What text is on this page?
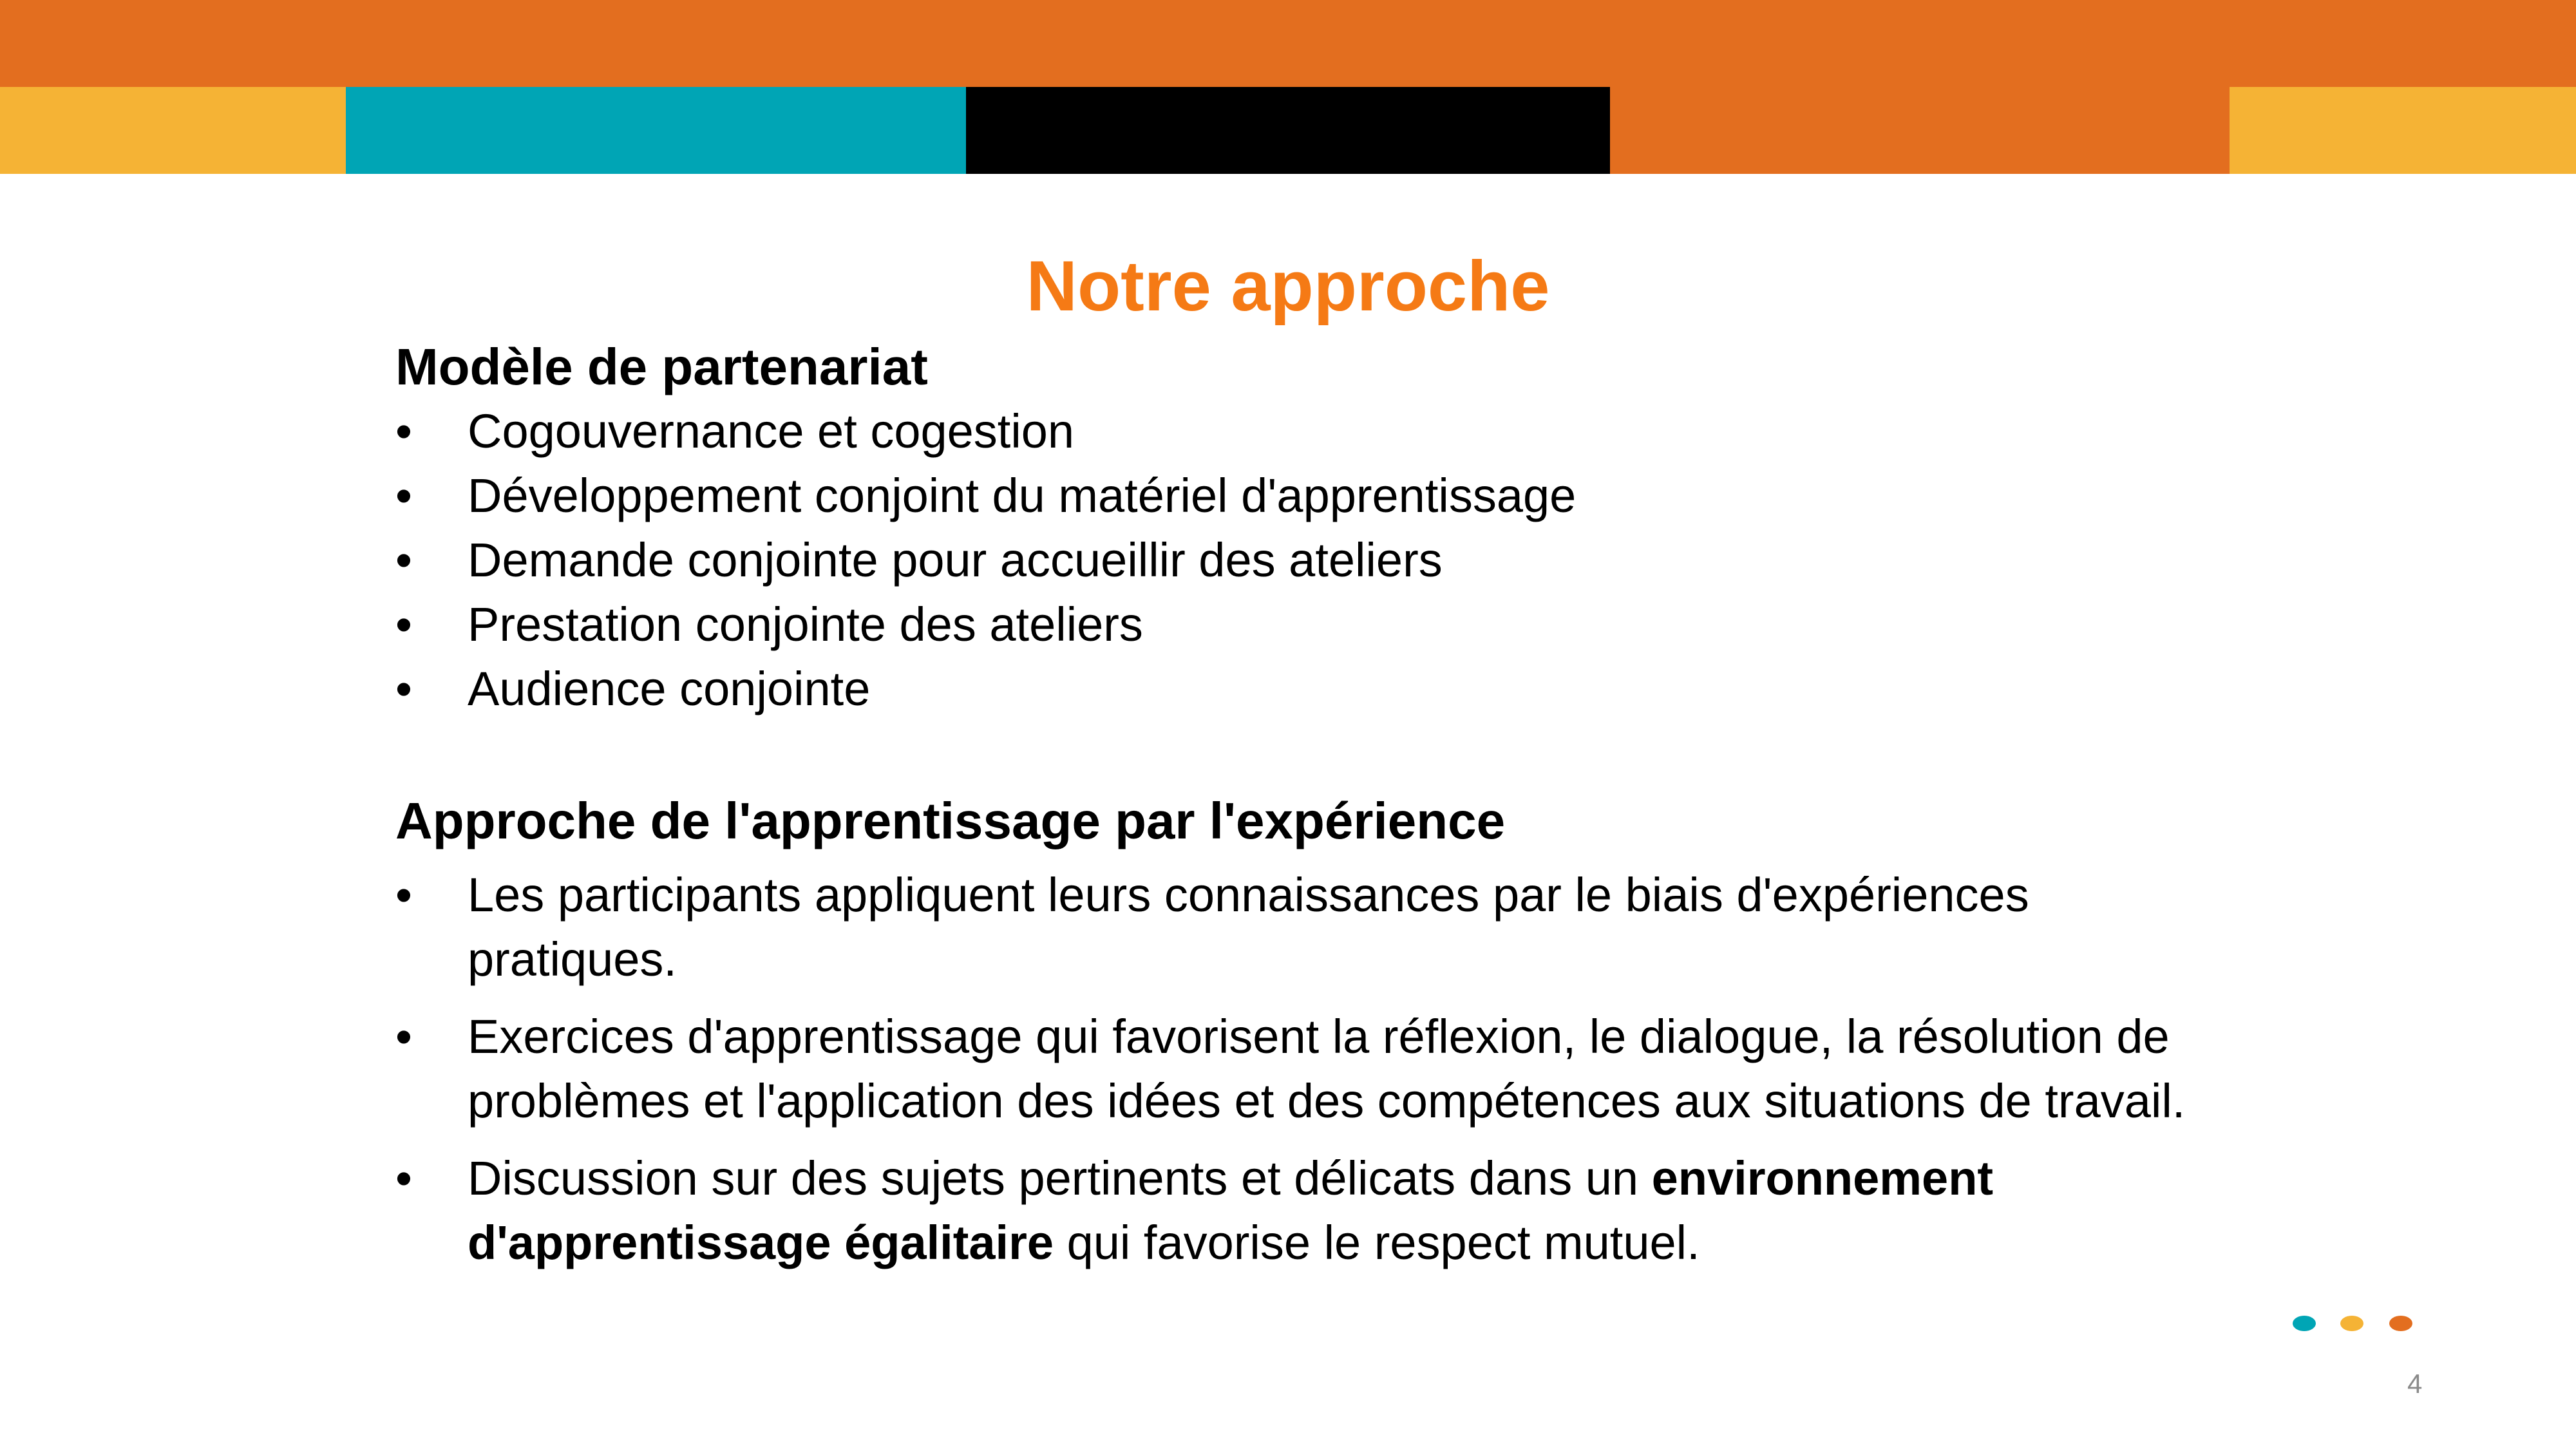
Notre approche
Modèle de partenariat
• Cogouvernance et cogestion
• Développement conjoint du matériel d'apprentissage
• Demande conjointe pour accueillir des ateliers
• Prestation conjointe des ateliers
• Audience conjointe
Approche de l'apprentissage par l'expérience
• Les participants appliquent leurs connaissances par le biais d'expériences pratiques.
• Exercices d'apprentissage qui favorisent la réflexion, le dialogue, la résolution de problèmes et l'application des idées et des compétences aux situations de travail.
• Discussion sur des sujets pertinents et délicats dans un environnement d'apprentissage égalitaire qui favorise le respect mutuel.
4
